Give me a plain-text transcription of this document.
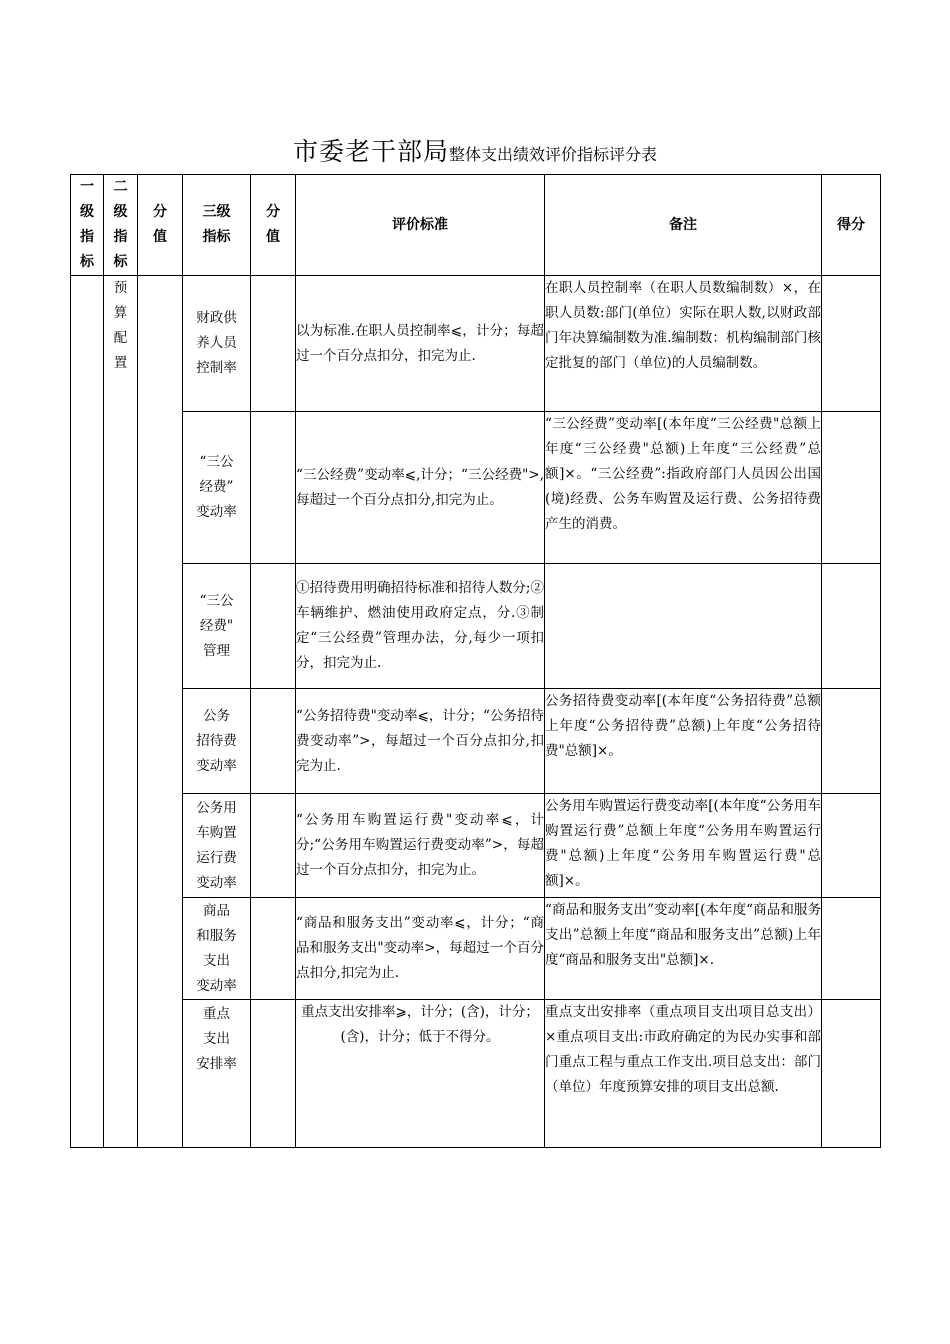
市委老干部局整体支出绩效评价指标评分表
一
级
指
标	二
级
指
标	分
值	三级
指标	分
值	评价标准	备注	得分

	预
算
配
置		财政供
养人员
控制率		以为标准.在职人员控制率⩽，计分；每超过一个百分点扣分，扣完为止.	在职人员控制率（在职人员数编制数）×，在职人员数:部门(单位）实际在职人数,以财政部门年决算编制数为准.编制数：机构编制部门核定批复的部门（单位)的人员编制数。	

			“三公
经费”
变动率		“三公经费”变动率⩽,计分；“三公经费">,每超过一个百分点扣分,扣完为止。	“三公经费”变动率[(本年度“三公经费"总额上年度“三公经费"总额)上年度“三公经费”总额]×。“三公经费”:指政府部门人员因公出国(境)经费、公务车购置及运行费、公务招待费产生的消费。	

			“三公
经费"
管理		①招待费用明确招待标准和招待人数分;②车辆维护、燃油使用政府定点，分.③制定“三公经费”管理办法，分,每少一项扣分，扣完为止.		

			公务
招待费
变动率		“公务招待费"变动率⩽，计分；“公务招待费变动率”>，每超过一个百分点扣分,扣完为止.	公务招待费变动率[(本年度“公务招待费”总额上年度“公务招待费”总额)上年度“公务招待费"总额]×。	

			公务用
车购置
运行费
变动率		“公务用车购置运行费"变动率⩽，计分;“公务用车购置运行费变动率”>，每超过一个百分点扣分，扣完为止。	公务用车购置运行费变动率[(本年度“公务用车购置运行费”总额上年度“公务用车购置运行费"总额)上年度“公务用车购置运行费"总额]×。	

			商品
和服务
支出
变动率		“商品和服务支出”变动率⩽，计分；“商品和服务支出"变动率>，每超过一个百分点扣分,扣完为止.	“商品和服务支出”变动率[(本年度“商品和服务支出”总额上年度“商品和服务支出”总额)上年度“商品和服务支出"总额]×.	

			重点
支出
安排率		重点支出安排率⩾，计分；(含)，计分；(含)，计分；低于不得分。	重点支出安排率（重点项目支出项目总支出）×重点项目支出:市政府确定的为民办实事和部门重点工程与重点工作支出.项目总支出：部门（单位）年度预算安排的项目支出总额.	
